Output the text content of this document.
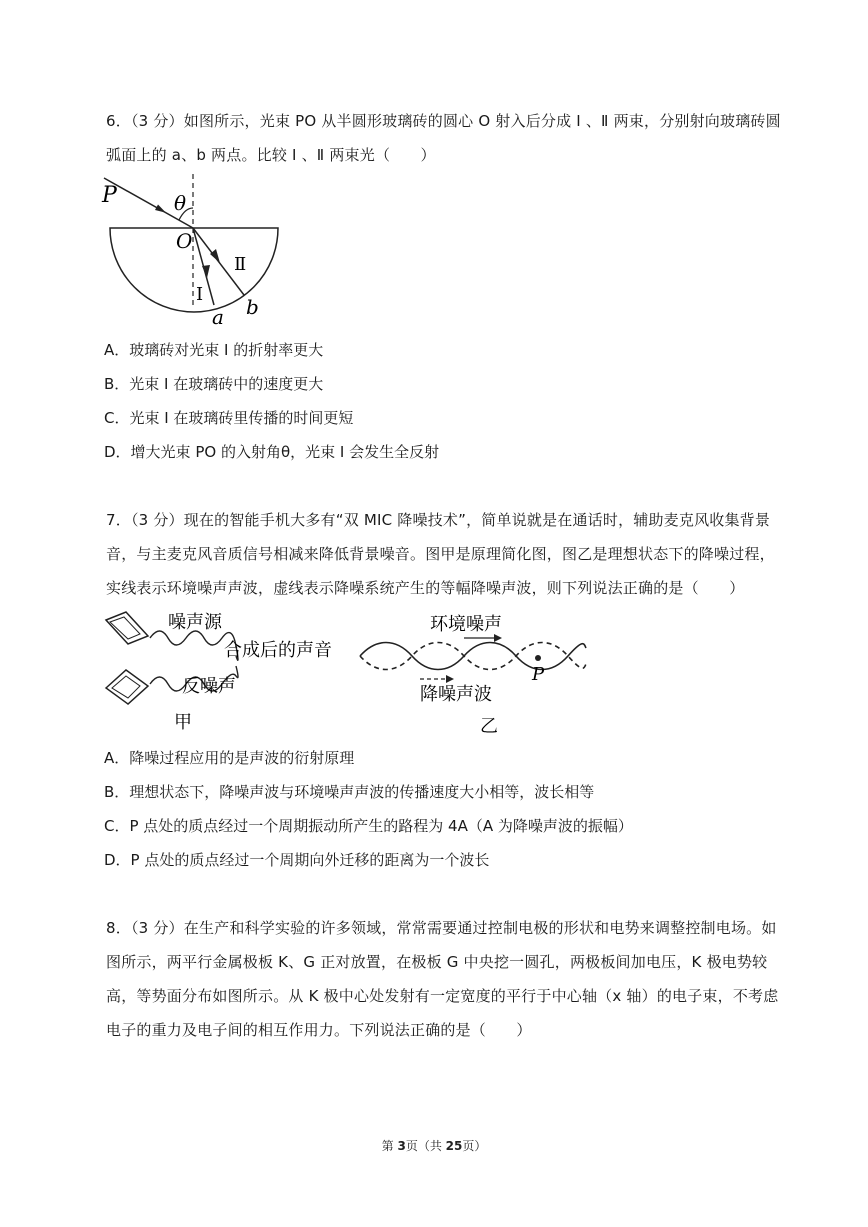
6．（3 分）如图所示，光束 PO 从半圆形玻璃砖的圆心 O 射入后分成 Ⅰ 、Ⅱ 两束，分别射向玻璃砖圆弧面上的 a、b 两点。比较 Ⅰ 、Ⅱ 两束光（　　）
P	θ
O
Ⅱ
Ⅰ
a b
A．玻璃砖对光束 Ⅰ 的折射率更大
B．光束 Ⅰ 在玻璃砖中的速度更大
C．光束 Ⅰ 在玻璃砖里传播的时间更短
D．增大光束 PO 的入射角θ，光束 Ⅰ 会发生全反射
7．（3 分）现在的智能手机大多有“双 MIC 降噪技术”，简单说就是在通话时，辅助麦克风收集背景音，与主麦克风音质信号相减来降低背景噪音。图甲是原理简化图，图乙是理想状态下的降噪过程，实线表示环境噪声声波，虚线表示降噪系统产生的等幅降噪声波，则下列说法正确的是（　　）
噪声源
合成后的声音
反噪声
甲
环境噪声
降噪声波
P
乙
A．降噪过程应用的是声波的衍射原理
B．理想状态下，降噪声波与环境噪声声波的传播速度大小相等，波长相等
C．P 点处的质点经过一个周期振动所产生的路程为 4A（A 为降噪声波的振幅）
D．P 点处的质点经过一个周期向外迁移的距离为一个波长
8．（3 分）在生产和科学实验的许多领域，常常需要通过控制电极的形状和电势来调整控制电场。如图所示，两平行金属极板 K、G 正对放置，在极板 G 中央挖一圆孔，两极板间加电压，K 极电势较高，等势面分布如图所示。从 K 极中心处发射有一定宽度的平行于中心轴（x 轴）的电子束，不考虑电子的重力及电子间的相互作用力。下列说法正确的是（　　）
第 3页（共 25页）
